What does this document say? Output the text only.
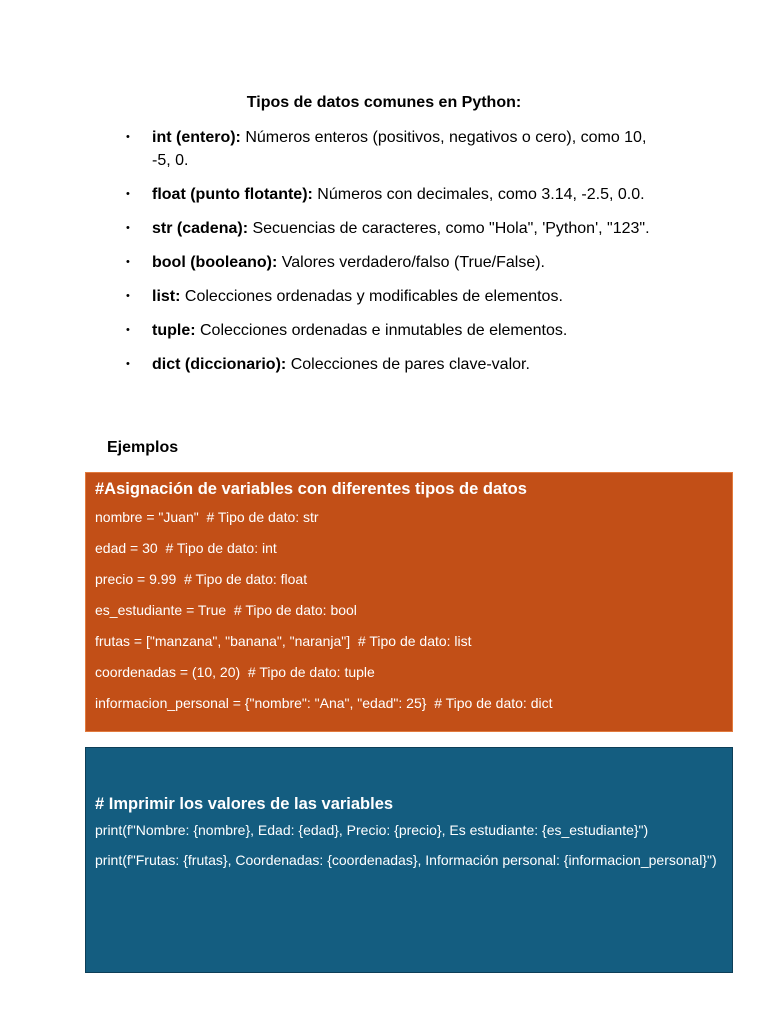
Tipos de datos comunes en Python:
• int (entero): Números enteros (positivos, negativos o cero), como 10, -5, 0.
• float (punto flotante): Números con decimales, como 3.14, -2.5, 0.0.
• str (cadena): Secuencias de caracteres, como "Hola", 'Python', "123".
• bool (booleano): Valores verdadero/falso (True/False).
• list: Colecciones ordenadas y modificables de elementos.
• tuple: Colecciones ordenadas e inmutables de elementos.
• dict (diccionario): Colecciones de pares clave-valor.
Ejemplos
#Asignación de variables con diferentes tipos de datos
nombre = "Juan"  # Tipo de dato: str
edad = 30  # Tipo de dato: int
precio = 9.99  # Tipo de dato: float
es_estudiante = True  # Tipo de dato: bool
frutas = ["manzana", "banana", "naranja"]  # Tipo de dato: list
coordenadas = (10, 20)  # Tipo de dato: tuple
informacion_personal = {"nombre": "Ana", "edad": 25}  # Tipo de dato: dict
# Imprimir los valores de las variables
print(f"Nombre: {nombre}, Edad: {edad}, Precio: {precio}, Es estudiante: {es_estudiante}")
print(f"Frutas: {frutas}, Coordenadas: {coordenadas}, Información personal: {informacion_personal}")
